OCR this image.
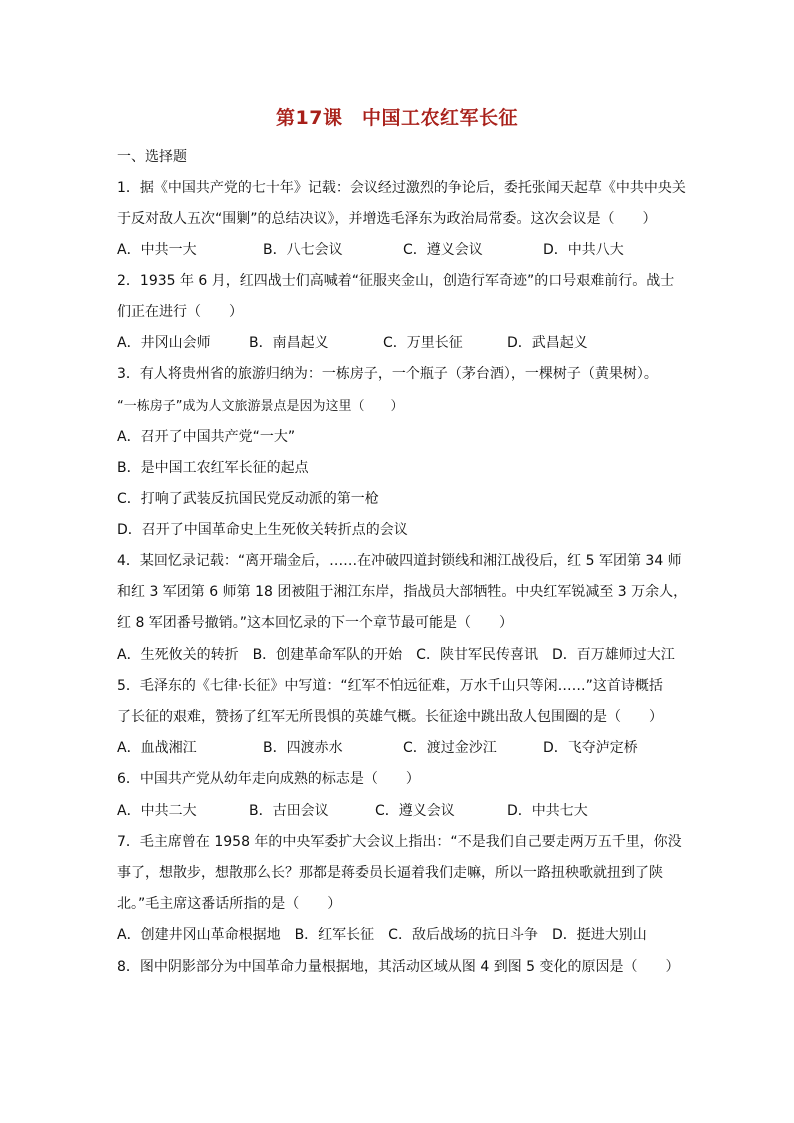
第17课　中国工农红军长征
一、选择题
1．据《中国共产党的七十年》记载：会议经过激烈的争论后，委托张闻天起草《中共中央关
于反对敌人五次“围剿”的总结决议》，并增选毛泽东为政治局常委。这次会议是（　　）
A．中共一大	B．八七会议	C．遵义会议	D．中共八大
2．1935 年 6 月，红四战士们高喊着“征服夹金山，创造行军奇迹”的口号艰难前行。战士
们正在进行（　　）
A．井冈山会师	B．南昌起义	C．万里长征	D．武昌起义
3．有人将贵州省的旅游归纳为：一栋房子，一个瓶子（茅台酒），一棵树子（黄果树）。
“一栋房子”成为人文旅游景点是因为这里（　　）
A．召开了中国共产党“一大”
B．是中国工农红军长征的起点
C．打响了武装反抗国民党反动派的第一枪
D．召开了中国革命史上生死攸关转折点的会议
4．某回忆录记载：“离开瑞金后，……在冲破四道封锁线和湘江战役后，红 5 军团第 34 师
和红 3 军团第 6 师第 18 团被阻于湘江东岸，指战员大部牺牲。中央红军锐减至 3 万余人，
红 8 军团番号撤销。”这本回忆录的下一个章节最可能是（　　）
A．生死攸关的转折　B．创建革命军队的开始　C．陕甘军民传喜讯　D．百万雄师过大江
5．毛泽东的《七律·长征》中写道：“红军不怕远征难，万水千山只等闲……”这首诗概括
了长征的艰难，赞扬了红军无所畏惧的英雄气概。长征途中跳出敌人包围圈的是（　　）
A．血战湘江	B．四渡赤水	C．渡过金沙江	D．飞夺泸定桥
6．中国共产党从幼年走向成熟的标志是（　　）
A．中共二大	B．古田会议	C．遵义会议	D．中共七大
7．毛主席曾在 1958 年的中央军委扩大会议上指出：“不是我们自己要走两万五千里，你没
事了，想散步，想散那么长？那都是蒋委员长逼着我们走嘛，所以一路扭秧歌就扭到了陕
北。”毛主席这番话所指的是（　　）
A．创建井冈山革命根据地　B．红军长征　C．敌后战场的抗日斗争　D．挺进大别山
8．图中阴影部分为中国革命力量根据地，其活动区域从图 4 到图 5 变化的原因是（　　）
